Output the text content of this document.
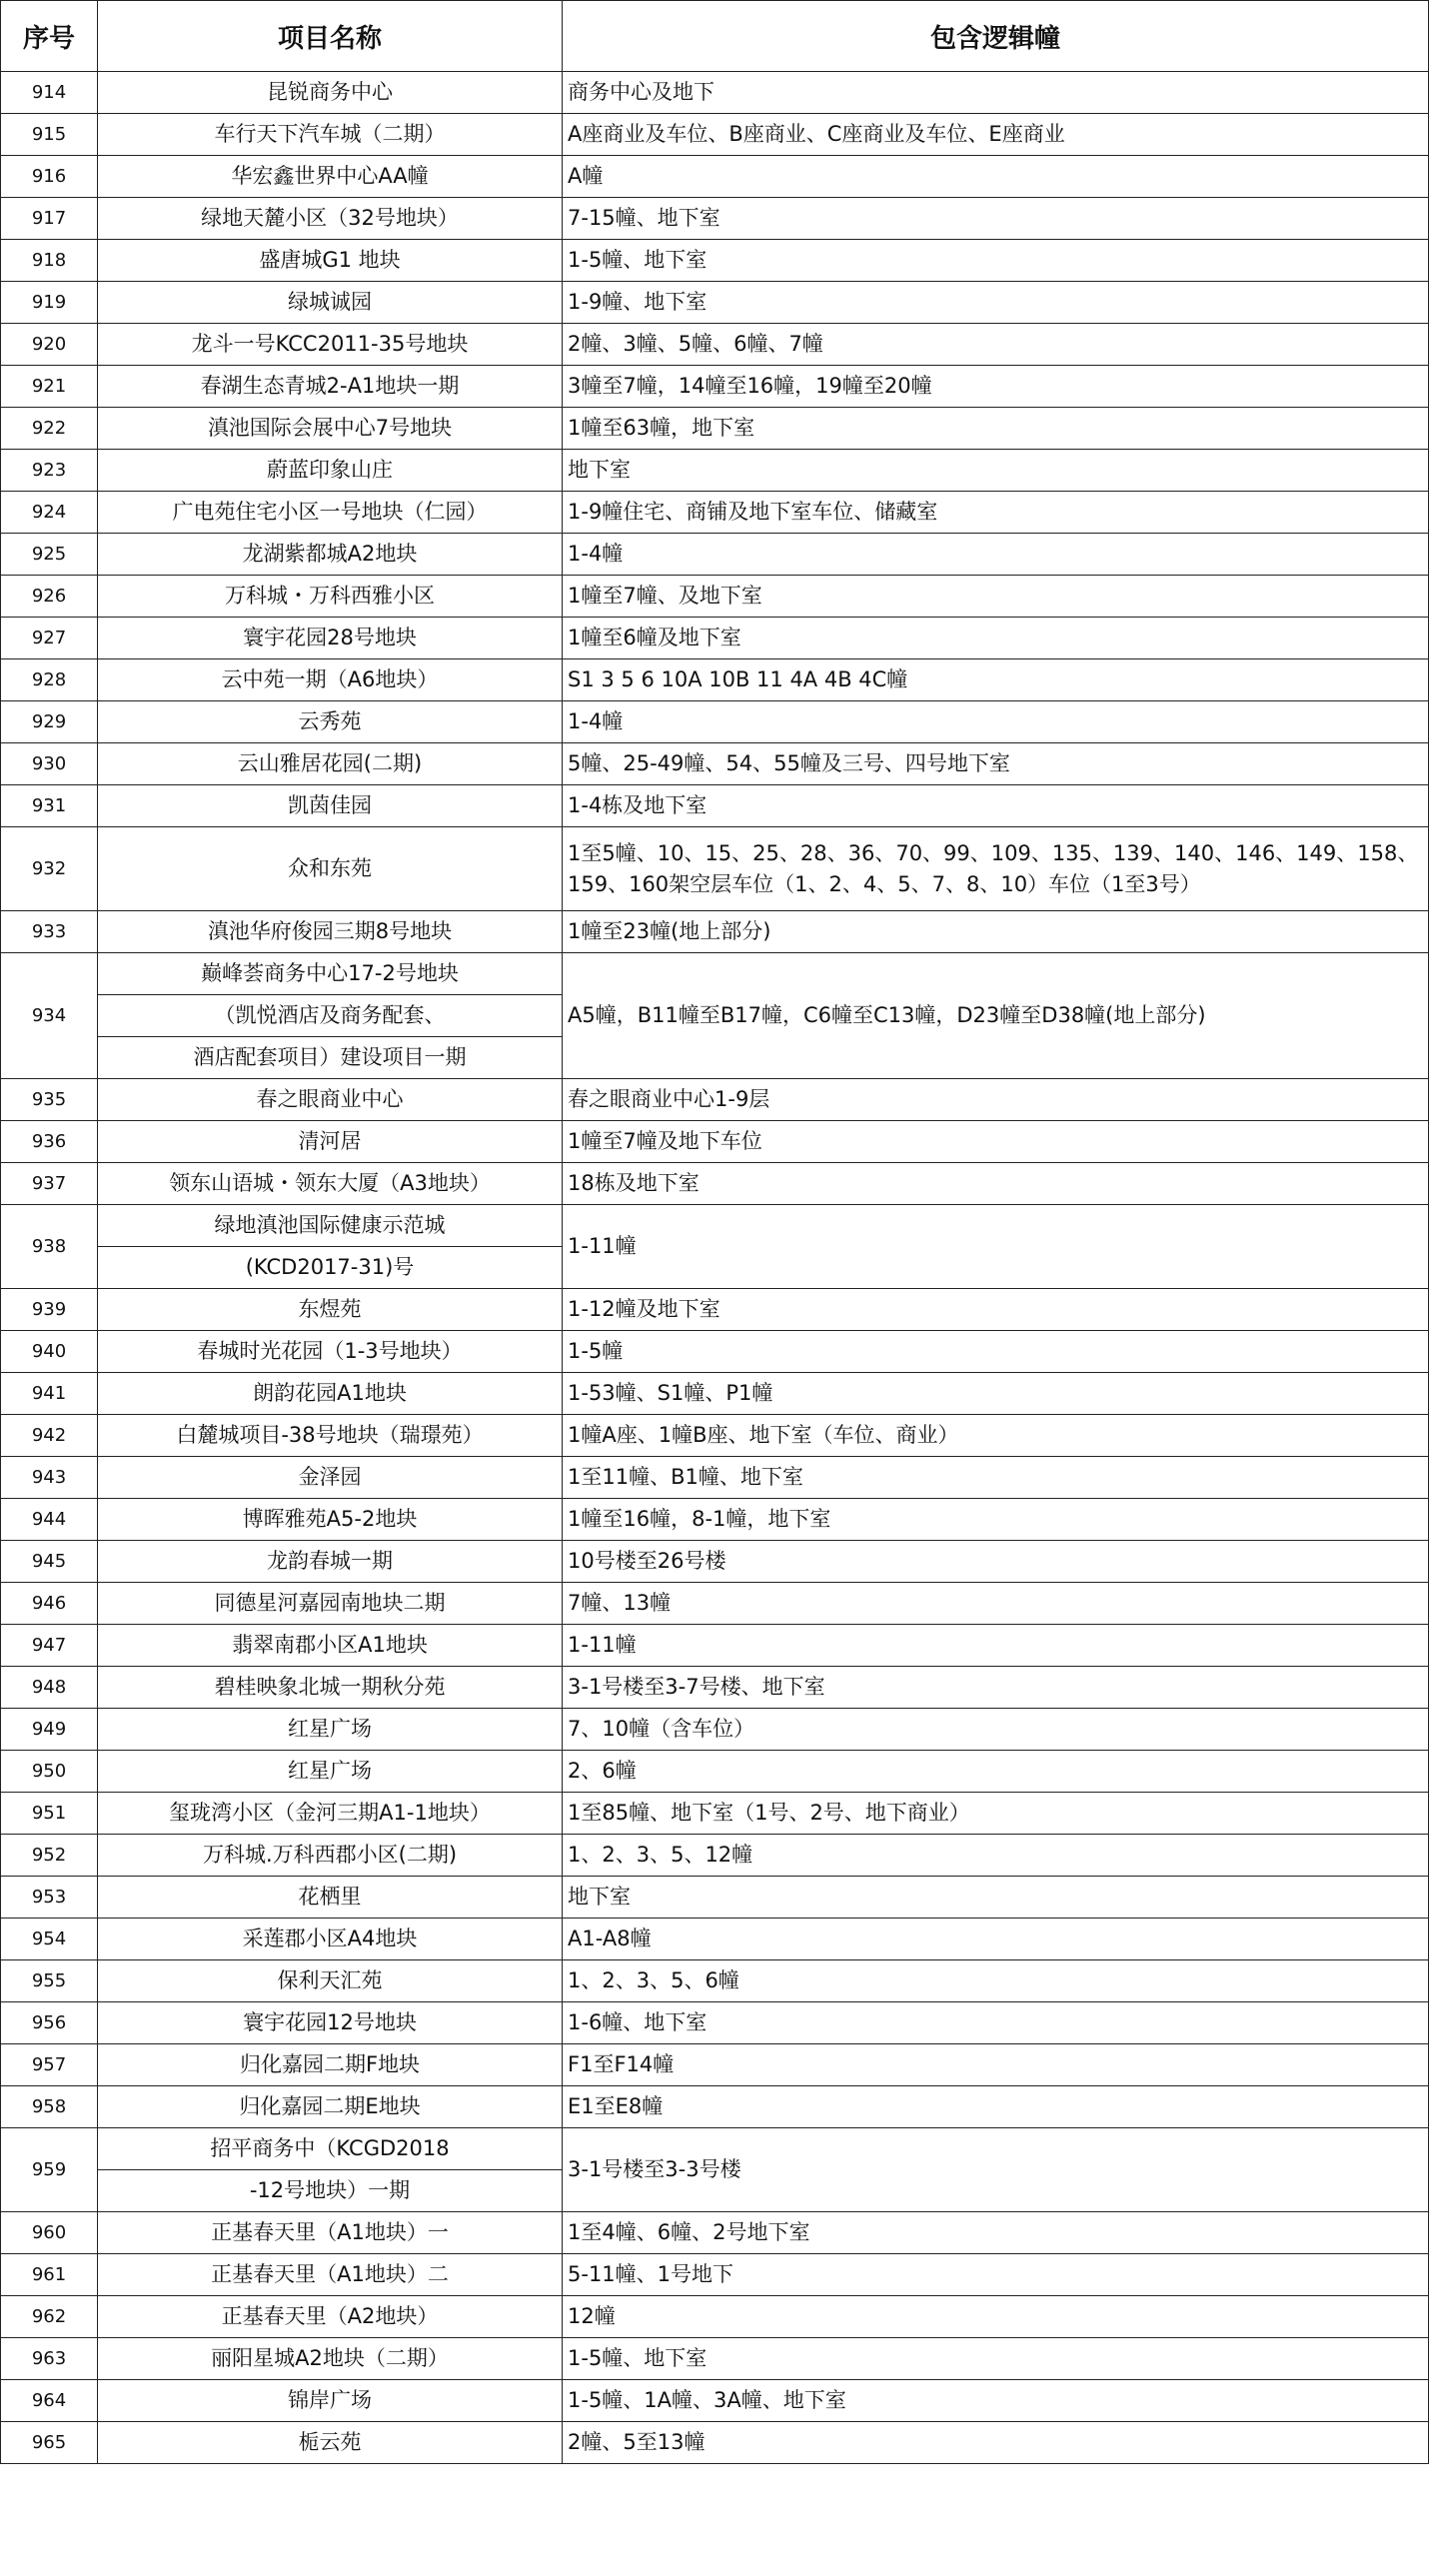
序号	项目名称	包含逻辑幢
914	昆锐商务中心	商务中心及地下
915	车行天下汽车城（二期）	A座商业及车位、B座商业、C座商业及车位、E座商业
916	华宏鑫世界中心AA幢	A幢
917	绿地天麓小区（32号地块）	7-15幢、地下室
918	盛唐城G1 地块	1-5幢、地下室
919	绿城诚园	1-9幢、地下室
920	龙斗一号KCC2011-35号地块	2幢、3幢、5幢、6幢、7幢
921	春湖生态青城2-A1地块一期	3幢至7幢，14幢至16幢，19幢至20幢
922	滇池国际会展中心7号地块	1幢至63幢，地下室
923	蔚蓝印象山庄	地下室
924	广电苑住宅小区一号地块（仁园）	1-9幢住宅、商铺及地下室车位、储藏室
925	龙湖紫都城A2地块	1-4幢
926	万科城・万科西雅小区	1幢至7幢、及地下室
927	寰宇花园28号地块	1幢至6幢及地下室
928	云中苑一期（A6地块）	S1 3 5 6 10A 10B 11 4A 4B 4C幢
929	云秀苑	1-4幢
930	云山雅居花园(二期)	5幢、25-49幢、54、55幢及三号、四号地下室
931	凯茵佳园	1-4栋及地下室
932	众和东苑	1至5幢、10、15、25、28、36、70、99、109、135、139、140、146、149、158、159、160架空层车位（1、2、4、5、7、8、10）车位（1至3号）
933	滇池华府俊园三期8号地块	1幢至23幢(地上部分)
934	巅峰荟商务中心17-2号地块	A5幢，B11幢至B17幢，C6幢至C13幢，D23幢至D38幢(地上部分)
	（凯悦酒店及商务配套、	
	酒店配套项目）建设项目一期	
935	春之眼商业中心	春之眼商业中心1-9层
936	清河居	1幢至7幢及地下车位
937	领东山语城・领东大厦（A3地块）	18栋及地下室
938	绿地滇池国际健康示范城	1-11幢
	(KCD2017-31)号	
939	东煜苑	1-12幢及地下室
940	春城时光花园（1-3号地块）	1-5幢
941	朗韵花园A1地块	1-53幢、S1幢、P1幢
942	白麓城项目-38号地块（瑞璟苑）	1幢A座、1幢B座、地下室（车位、商业）
943	金泽园	1至11幢、B1幢、地下室
944	博晖雅苑A5-2地块	1幢至16幢，8-1幢，地下室
945	龙韵春城一期	10号楼至26号楼
946	同德星河嘉园南地块二期	7幢、13幢
947	翡翠南郡小区A1地块	1-11幢
948	碧桂映象北城一期秋分苑	3-1号楼至3-7号楼、地下室
949	红星广场	7、10幢（含车位）
950	红星广场	2、6幢
951	玺珑湾小区（金河三期A1-1地块）	1至85幢、地下室（1号、2号、地下商业）
952	万科城.万科西郡小区(二期)	1、2、3、5、12幢
953	花栖里	地下室
954	采莲郡小区A4地块	A1-A8幢
955	保利天汇苑	1、2、3、5、6幢
956	寰宇花园12号地块	1-6幢、地下室
957	归化嘉园二期F地块	F1至F14幢
958	归化嘉园二期E地块	E1至E8幢
959	招平商务中（KCGD2018	3-1号楼至3-3号楼
	-12号地块）一期	
960	正基春天里（A1地块）一	1至4幢、6幢、2号地下室
961	正基春天里（A1地块）二	5-11幢、1号地下
962	正基春天里（A2地块）	12幢
963	丽阳星城A2地块（二期）	1-5幢、地下室
964	锦岸广场	1-5幢、1A幢、3A幢、地下室
965	栀云苑	2幢、5至13幢
